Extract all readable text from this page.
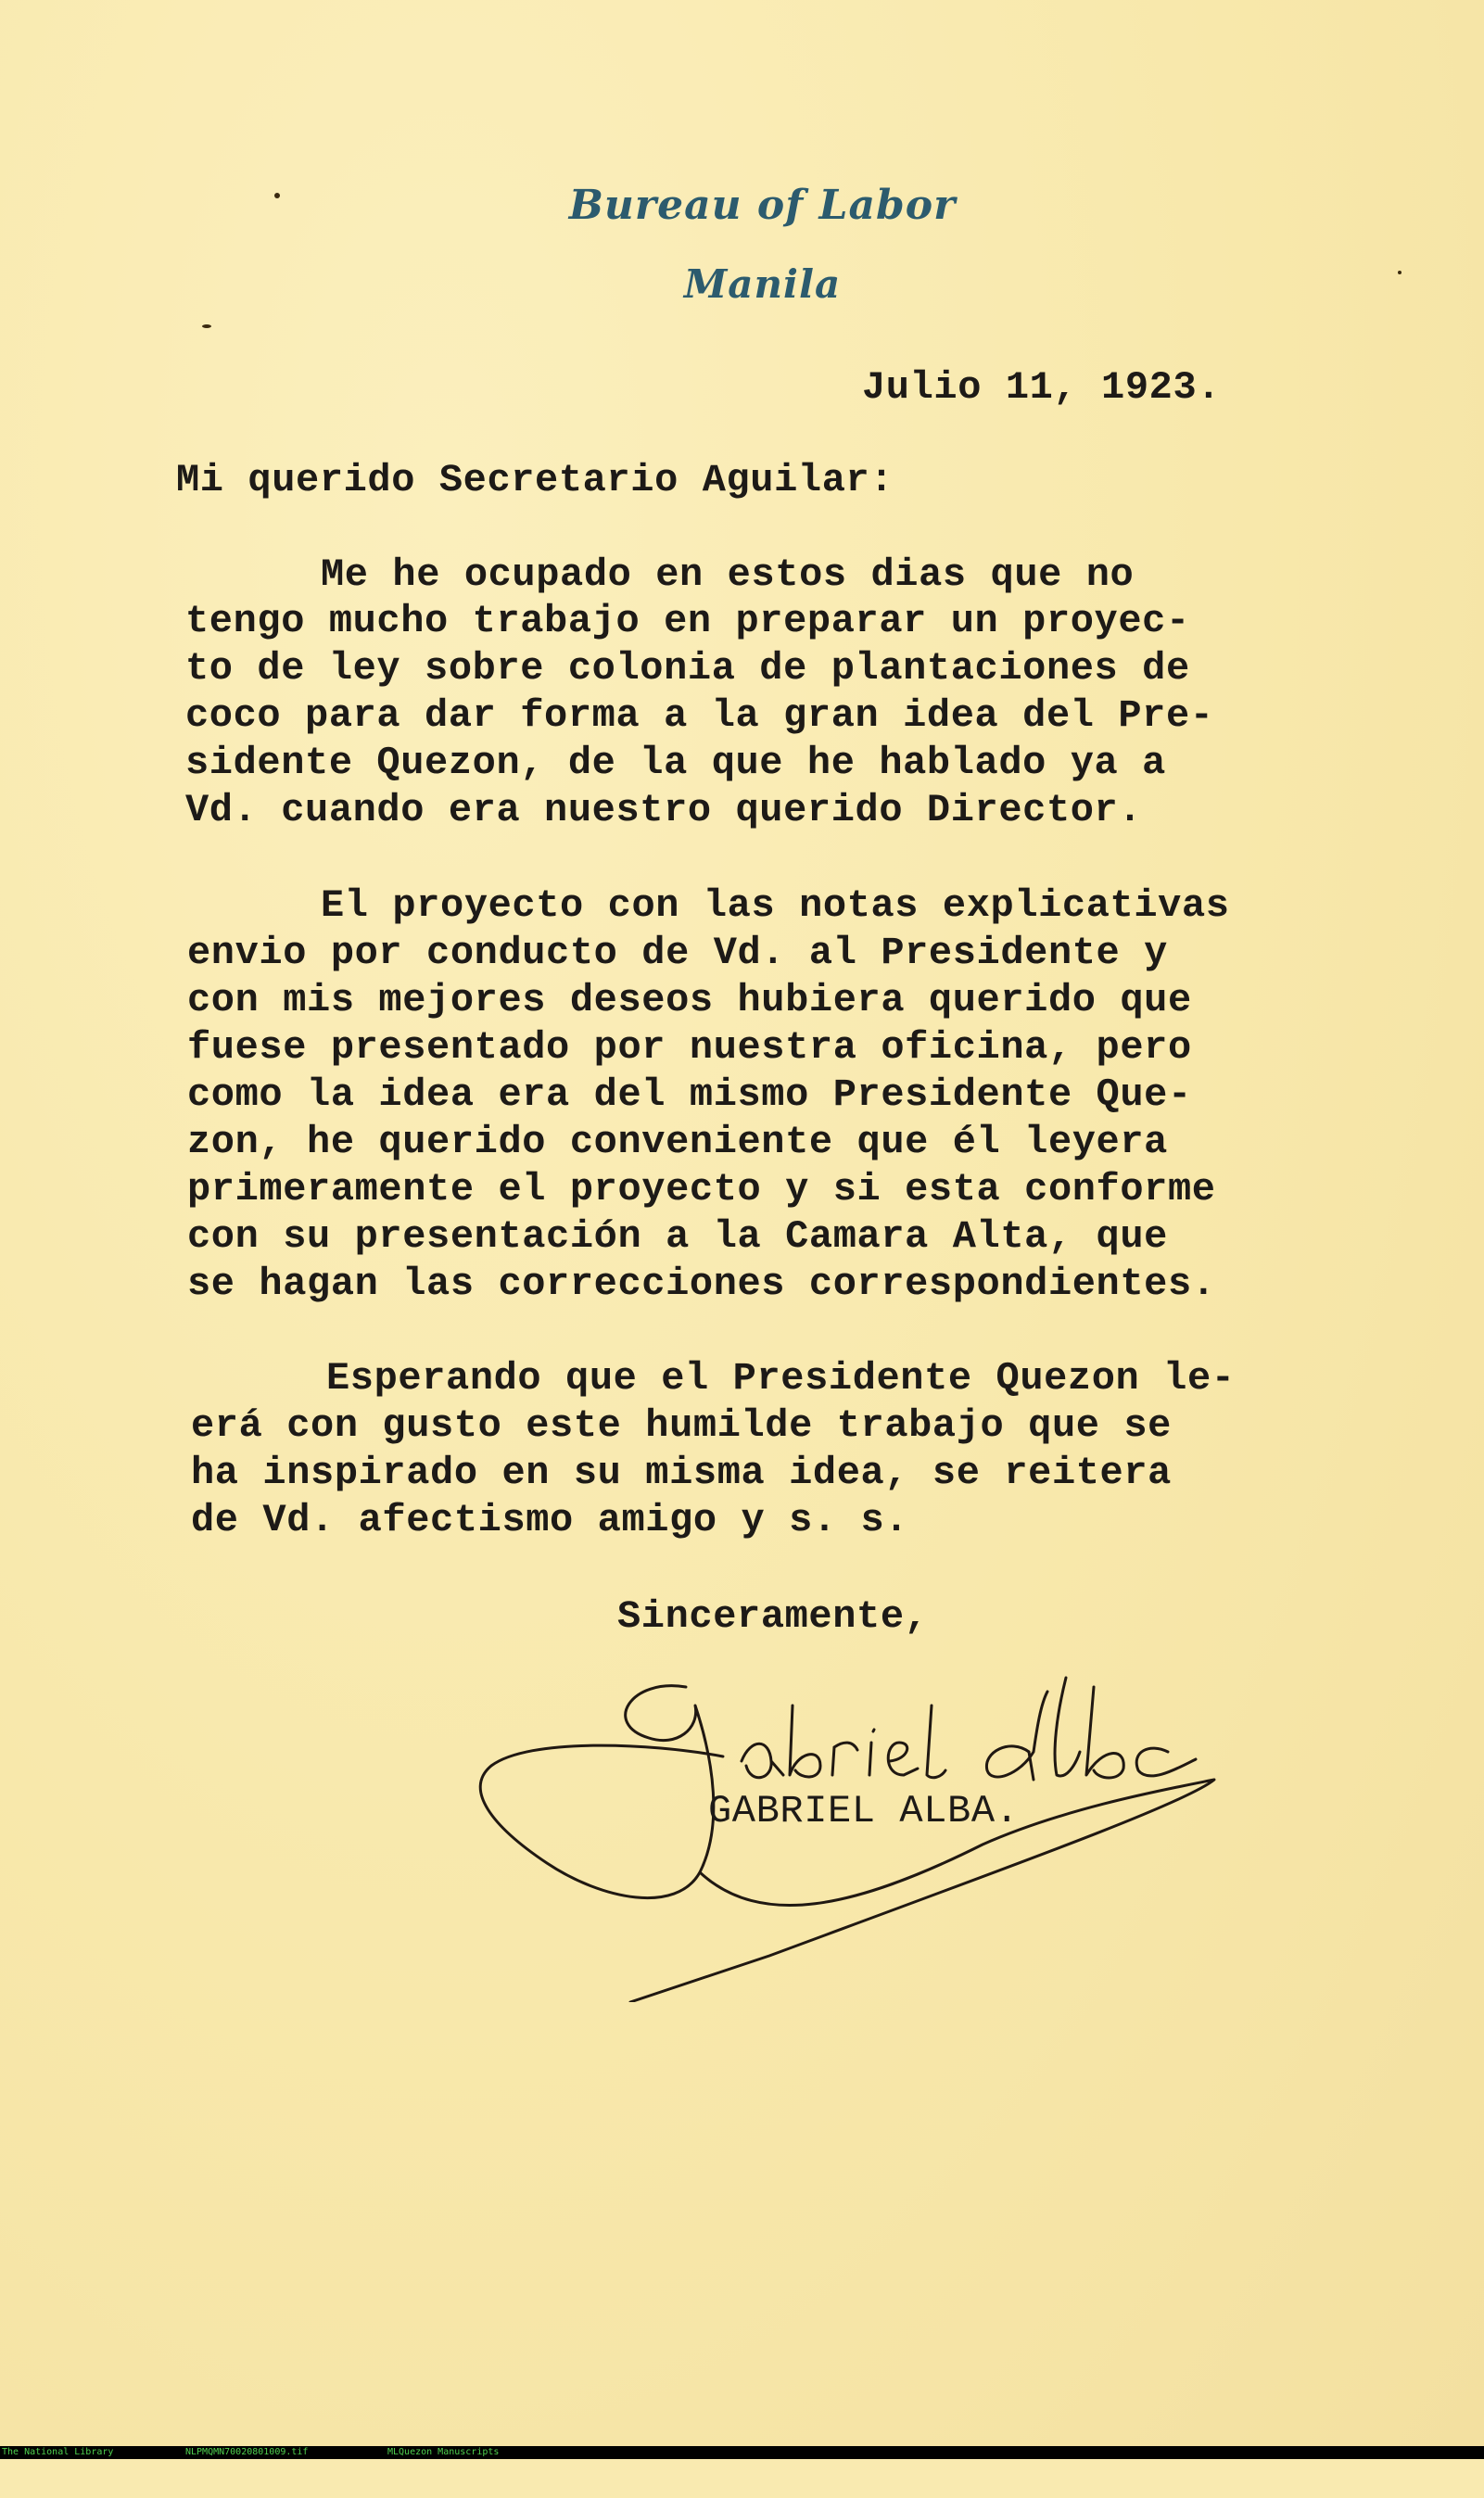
Bureau of Labor
Manila
Julio 11, 1923.
Mi querido Secretario Aguilar:
Me he ocupado en estos dias que no
tengo mucho trabajo en preparar un proyec-
to de ley sobre colonia de plantaciones de
coco para dar forma a la gran idea del Pre-
sidente Quezon, de la que he hablado ya a
Vd. cuando era nuestro querido Director.
El proyecto con las notas explicativas
envio por conducto de Vd. al Presidente y
con mis mejores deseos hubiera querido que
fuese presentado por nuestra oficina, pero
como la idea era del mismo Presidente Que-
zon, he querido conveniente que él leyera
primeramente el proyecto y si esta conforme
con su presentación a la Camara Alta, que
se hagan las correcciones correspondientes.
Esperando que el Presidente Quezon le-
erá con gusto este humilde trabajo que se
ha inspirado en su misma idea, se reitera
de Vd. afectismo amigo y s. s.
Sinceramente,
GABRIEL ALBA.

The National Library

	NLPMQMN70020801009.tif

	MLQuezon Manuscripts
